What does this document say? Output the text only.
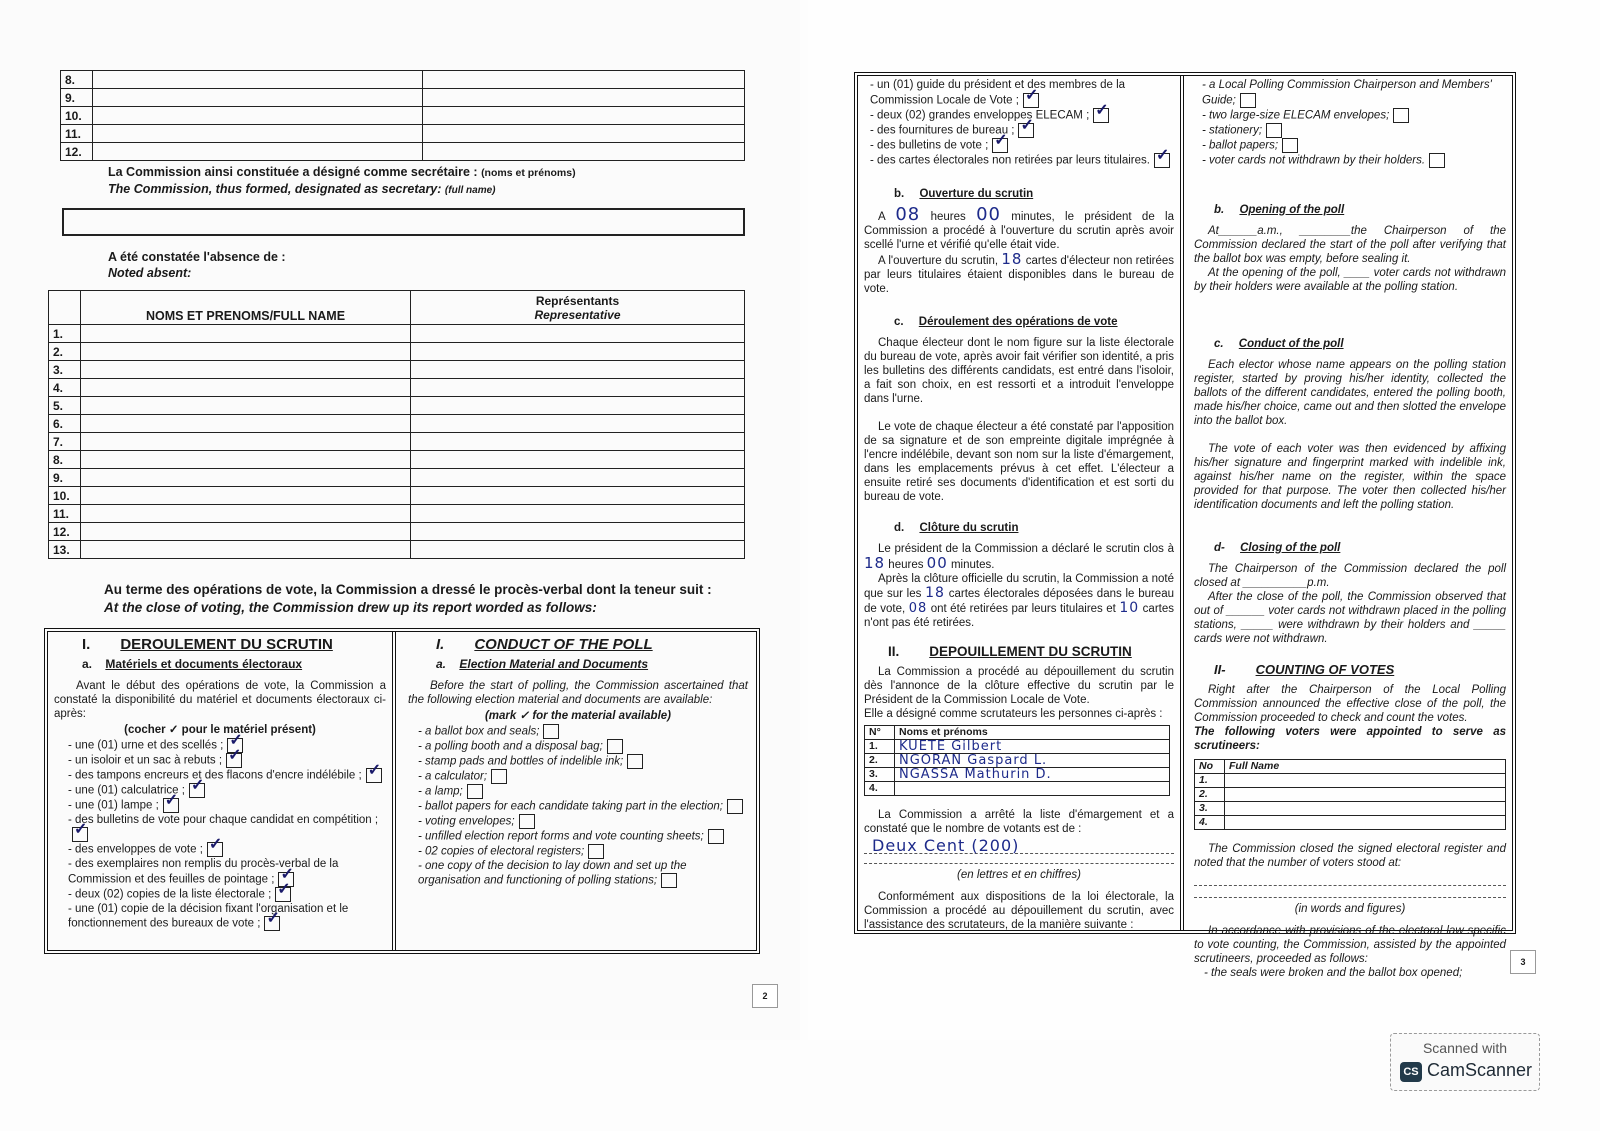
8.		
9.		
10.		
11.		
12.		
La Commission ainsi constituée a désigné comme secrétaire : (noms et prénoms)
The Commission, thus formed, designated as secretary: (full name)
A été constatée l'absence de :
Noted absent:
	NOMS ET PRENOMS/FULL NAME	Représentants
Representative

1.		
2.		
3.		
4.		
5.		
6.		
7.		
8.		
9.		
10.		
11.		
12.		
13.		
Au terme des opérations de vote, la Commission a dressé le procès-verbal dont la teneur suit :
At the close of voting, the Commission drew up its report worded as follows:
I. DEROULEMENT DU SCRUTIN
a. Matériels et documents électoraux
Avant le début des opérations de vote, la Commission a constaté la disponibilité du matériel et documents électoraux ci-après:
(cocher ✓ pour le matériel présent)
- une (01) urne et des scellés ;✓
- un isoloir et un sac à rebuts ;✓
- des tampons encreurs et des flacons d'encre indélébile ;✓
- une (01) calculatrice ;✓
- une (01) lampe ;✓
- des bulletins de vote pour chaque candidat en compétition ;✓
- des enveloppes de vote ;✓
- des exemplaires non remplis du procès-verbal de la Commission et des feuilles de pointage ;✓
- deux (02) copies de la liste électorale ;✓
- une (01) copie de la décision fixant l'organisation et le fonctionnement des bureaux de vote ;✓
I. CONDUCT OF THE POLL
a. Election Material and Documents
Before the start of polling, the Commission ascertained that the following election material and documents are available:
(mark ✓ for the material available)
- a ballot box and seals;
- a polling booth and a disposal bag;
- stamp pads and bottles of indelible ink;
- a calculator;
- a lamp;
- ballot papers for each candidate taking part in the election;
- voting envelopes;
- unfilled election report forms and vote counting sheets;
- 02 copies of electoral registers;
- one copy of the decision to lay down and set up the organisation and functioning of polling stations;
2
- un (01) guide du président et des membres de la Commission Locale de Vote ;✓
- deux (02) grandes enveloppes ELECAM ;✓
- des fournitures de bureau ;✓
- des bulletins de vote ;✓
- des cartes électorales non retirées par leurs titulaires.✓
b. Ouverture du scrutin
A 08 heures 00 minutes, le président de la Commission a procédé à l'ouverture du scrutin après avoir scellé l'urne et vérifié qu'elle était vide.
A l'ouverture du scrutin, 18 cartes d'électeur non retirées par leurs titulaires étaient disponibles dans le bureau de vote.
c. Déroulement des opérations de vote
Chaque électeur dont le nom figure sur la liste électorale du bureau de vote, après avoir fait vérifier son identité, a pris les bulletins des différents candidats, est entré dans l'isoloir, a fait son choix, en est ressorti et a introduit l'enveloppe dans l'urne.
Le vote de chaque électeur a été constaté par l'apposition de sa signature et de son empreinte digitale imprégnée à l'encre indélébile, devant son nom sur la liste d'émargement, dans les emplacements prévus à cet effet. L'électeur a ensuite retiré ses documents d'identification et est sorti du bureau de vote.
d. Clôture du scrutin
Le président de la Commission a déclaré le scrutin clos à 18 heures 00 minutes.
Après la clôture officielle du scrutin, la Commission a noté que sur les 18 cartes électorales déposées dans le bureau de vote, 08 ont été retirées par leurs titulaires et 10 cartes n'ont pas été retirées.
II. DEPOUILLEMENT DU SCRUTIN
La Commission a procédé au dépouillement du scrutin dès l'annonce de la clôture effective du scrutin par le Président de la Commission Locale de Vote.
Elle a désigné comme scrutateurs les personnes ci-après :
N°	Noms et prénoms
1.	KUETE Gilbert
2.	NGORAN Gaspard L.
3.	NGASSA Mathurin D.
4.	
La Commission a arrêté la liste d'émargement et a constaté que le nombre de votants est de :
Deux Cent (200)
(en lettres et en chiffres)
Conformément aux dispositions de la loi électorale, la Commission a procédé au dépouillement du scrutin, avec l'assistance des scrutateurs, de la manière suivante :
- a Local Polling Commission Chairperson and Members' Guide;
- two large-size ELECAM envelopes;
- stationery;
- ballot papers;
- voter cards not withdrawn by their holders.
b. Opening of the poll
At______a.m., ________the Chairperson of the Commission declared the start of the poll after verifying that the ballot box was empty, before sealing it.
At the opening of the poll, ____ voter cards not withdrawn by their holders were available at the polling station.
c. Conduct of the poll
Each elector whose name appears on the polling station register, started by proving his/her identity, collected the ballots of the different candidates, entered the polling booth, made his/her choice, came out and then slotted the envelope into the ballot box.
The vote of each voter was then evidenced by affixing his/her signature and fingerprint marked with indelible ink, against his/her name on the register, within the space provided for that purpose. The voter then collected his/her identification documents and left the polling station.
d- Closing of the poll
The Chairperson of the Commission declared the poll closed at __________p.m.
After the close of the poll, the Commission observed that out of ______ voter cards not withdrawn placed in the polling stations, _____ were withdrawn by their holders and _____ cards were not withdrawn.
II- COUNTING OF VOTES
Right after the Chairperson of the Local Polling Commission announced the effective close of the poll, the Commission proceeded to check and count the votes.
The following voters were appointed to serve as scrutineers:
No	Full Name
1.	
2.	
3.	
4.	
The Commission closed the signed electoral register and noted that the number of voters stood at:
(in words and figures)
In accordance with provisions of the electoral law specific to vote counting, the Commission, assisted by the appointed scrutineers, proceeded as follows:
- the seals were broken and the ballot box opened;
3
Scanned with
CS CamScanner
